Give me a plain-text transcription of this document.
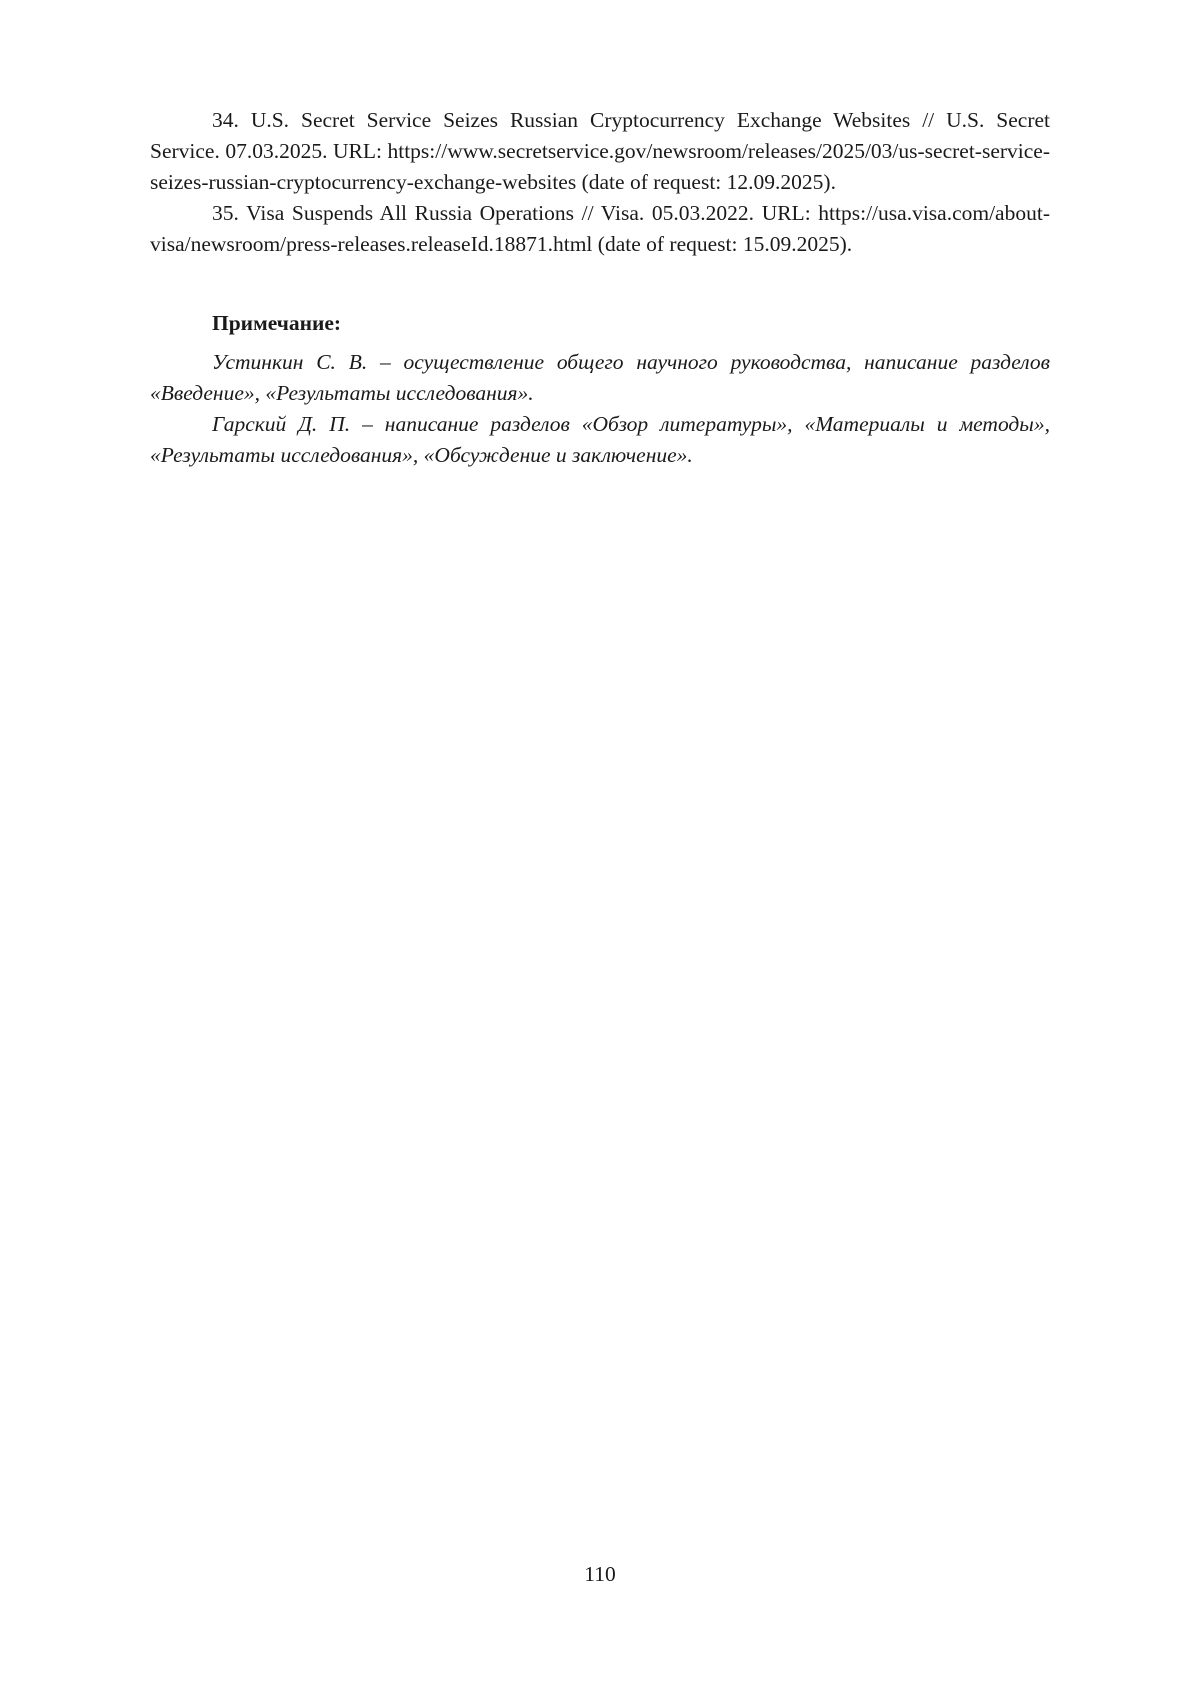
34. U.S. Secret Service Seizes Russian Cryptocurrency Exchange Websites // U.S. Secret Service. 07.03.2025. URL: https://www.secretservice.gov/newsroom/releases/2025/03/us-secret-service-seizes-russian-cryptocurrency-exchange-websites (date of request: 12.09.2025).

35. Visa Suspends All Russia Operations // Visa. 05.03.2022. URL: https://usa.visa.com/about-visa/newsroom/press-releases.releaseId.18871.html (date of request: 15.09.2025).

Примечание:

Устинкин С. В. – осуществление общего научного руководства, написание разделов «Введение», «Результаты исследования».

Гарский Д. П. – написание разделов «Обзор литературы», «Материалы и методы», «Результаты исследования», «Обсуждение и заключение».

110
